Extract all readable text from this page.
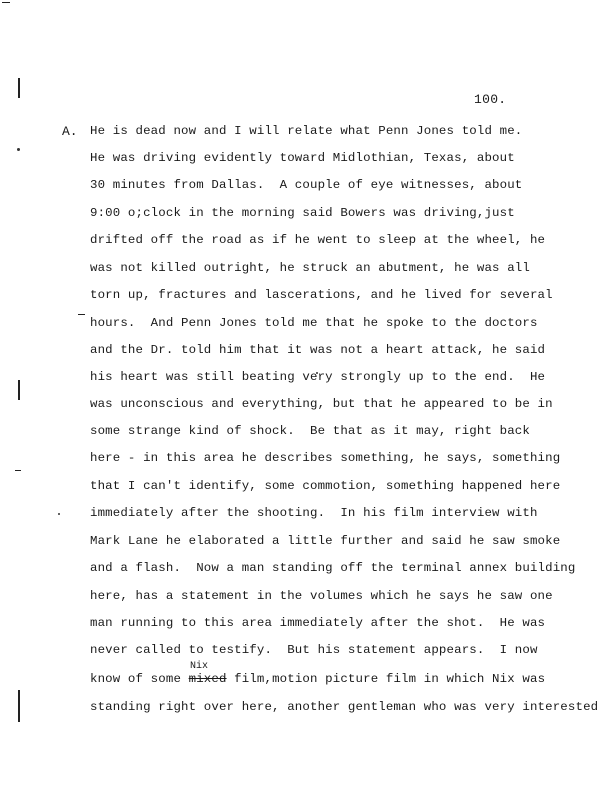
100.
A. He is dead now and I will relate what Penn Jones told me.
He was driving evidently toward Midlothian, Texas, about
30 minutes from Dallas.  A couple of eye witnesses, about
9:00 o;clock in the morning said Bowers was driving,just
drifted off the road as if he went to sleep at the wheel, he
was not killed outright, he struck an abutment, he was all
torn up, fractures and lascerations, and he lived for several
hours.  And Penn Jones told me that he spoke to the doctors
and the Dr. told him that it was not a heart attack, he said
his heart was still beating very strongly up to the end.  He
was unconscious and everything, but that he appeared to be in
some strange kind of shock.  Be that as it may, right back
here - in this area he describes something, he says, something
that I can't identify, some commotion, something happened here
immediately after the shooting.  In his film interview with
Mark Lane he elaborated a little further and said he saw smoke
and a flash.  Now a man standing off the terminal annex building
here, has a statement in the volumes which he says he saw one
man running to this area immediately after the shot.  He was
never called to testify.  But his statement appears.  I now
Nix
know of some mixed film,motion picture film in which Nix was
standing right over here, another gentleman who was very interested
